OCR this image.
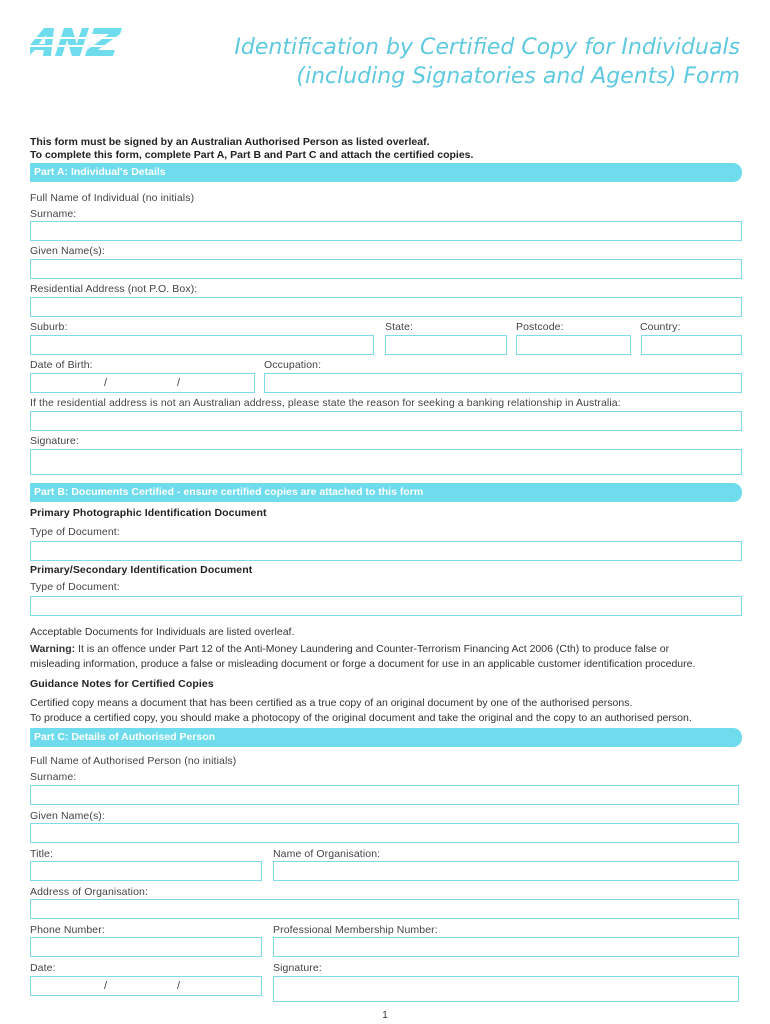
Identification by Certified Copy for Individuals
(including Signatories and Agents) Form
This form must be signed by an Australian Authorised Person as listed overleaf.
To complete this form, complete Part A, Part B and Part C and attach the certified copies.
Part A: Individual's Details
Full Name of Individual (no initials)
Surname:
Given Name(s):
Residential Address (not P.O. Box):
Suburb:	State:	Postcode:	Country:
Date of Birth:	Occupation:
/	/
If the residential address is not an Australian address, please state the reason for seeking a banking relationship in Australia:
Signature:
Part B: Documents Certified - ensure certified copies are attached to this form
Primary Photographic Identification Document
Type of Document:
Primary/Secondary Identification Document
Type of Document:
Acceptable Documents for Individuals are listed overleaf.
Warning: It is an offence under Part 12 of the Anti-Money Laundering and Counter-Terrorism Financing Act 2006 (Cth) to produce false or
misleading information, produce a false or misleading document or forge a document for use in an applicable customer identification procedure.
Guidance Notes for Certified Copies
Certified copy means a document that has been certified as a true copy of an original document by one of the authorised persons.
To produce a certified copy, you should make a photocopy of the original document and take the original and the copy to an authorised person.
Part C: Details of Authorised Person
Full Name of Authorised Person (no initials)
Surname:
Given Name(s):
Title:	Name of Organisation:
Address of Organisation:
Phone Number:	Professional Membership Number:
Date:	Signature:
/	/
1
